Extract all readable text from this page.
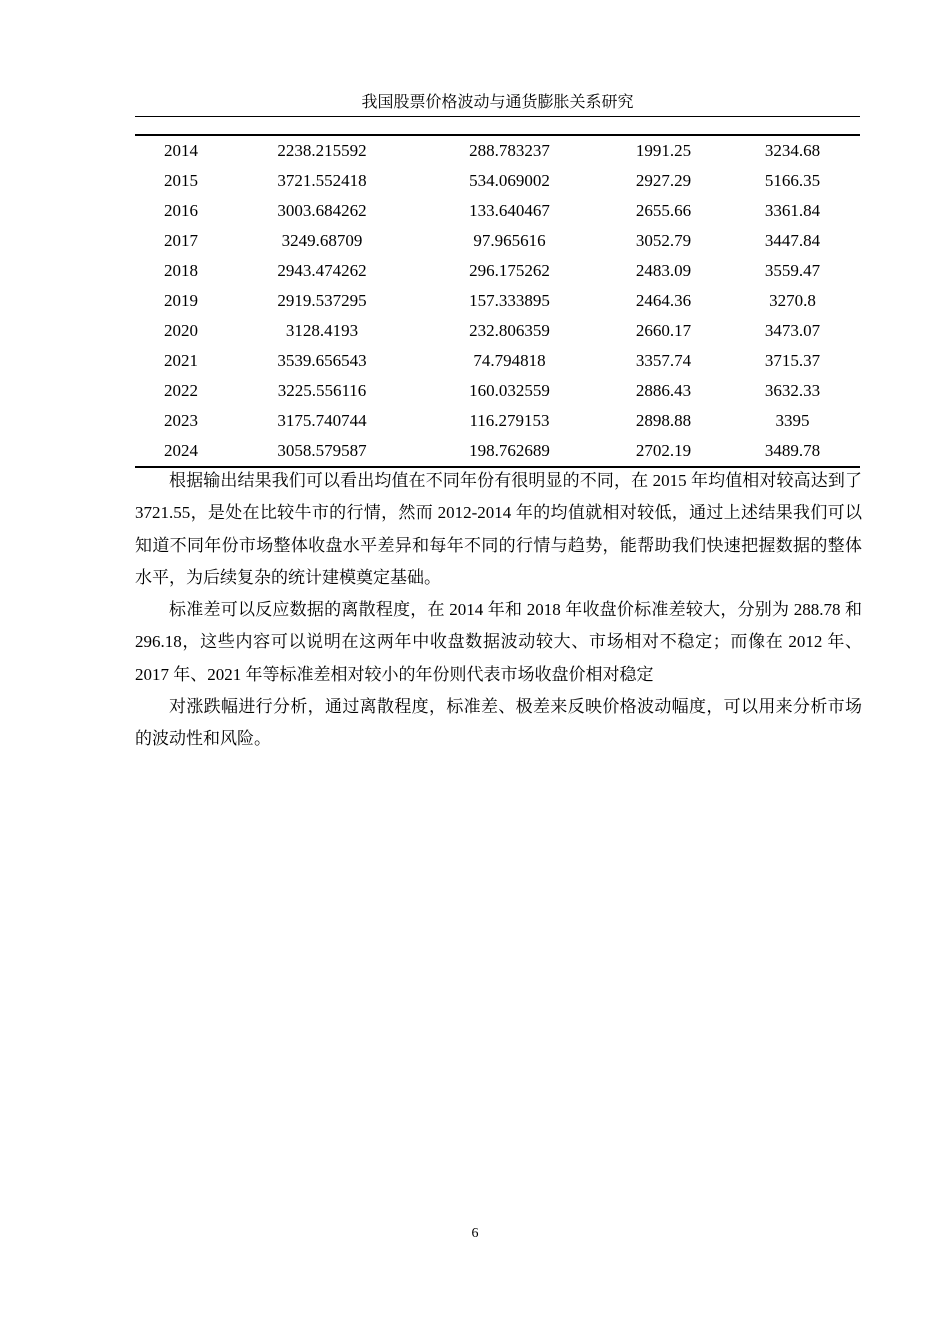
我国股票价格波动与通货膨胀关系研究
2014	2238.215592	288.783237	1991.25	3234.68
2015	3721.552418	534.069002	2927.29	5166.35
2016	3003.684262	133.640467	2655.66	3361.84
2017	3249.68709	97.965616	3052.79	3447.84
2018	2943.474262	296.175262	2483.09	3559.47
2019	2919.537295	157.333895	2464.36	3270.8
2020	3128.4193	232.806359	2660.17	3473.07
2021	3539.656543	74.794818	3357.74	3715.37
2022	3225.556116	160.032559	2886.43	3632.33
2023	3175.740744	116.279153	2898.88	3395
2024	3058.579587	198.762689	2702.19	3489.78

根据输出结果我们可以看出均值在不同年份有很明显的不同，在 2015 年均值相对较高达到了 3721.55，是处在比较牛市的行情，然而 2012-2014 年的均值就相对较低，通过上述结果我们可以知道不同年份市场整体收盘水平差异和每年不同的行情与趋势，能帮助我们快速把握数据的整体水平，为后续复杂的统计建模奠定基础。

标准差可以反应数据的离散程度，在 2014 年和 2018 年收盘价标准差较大，分别为 288.78 和 296.18，这些内容可以说明在这两年中收盘数据波动较大、市场相对不稳定；而像在 2012 年、2017 年、2021 年等标准差相对较小的年份则代表市场收盘价相对稳定

对涨跌幅进行分析，通过离散程度，标准差、极差来反映价格波动幅度，可以用来分析市场的波动性和风险。

6
